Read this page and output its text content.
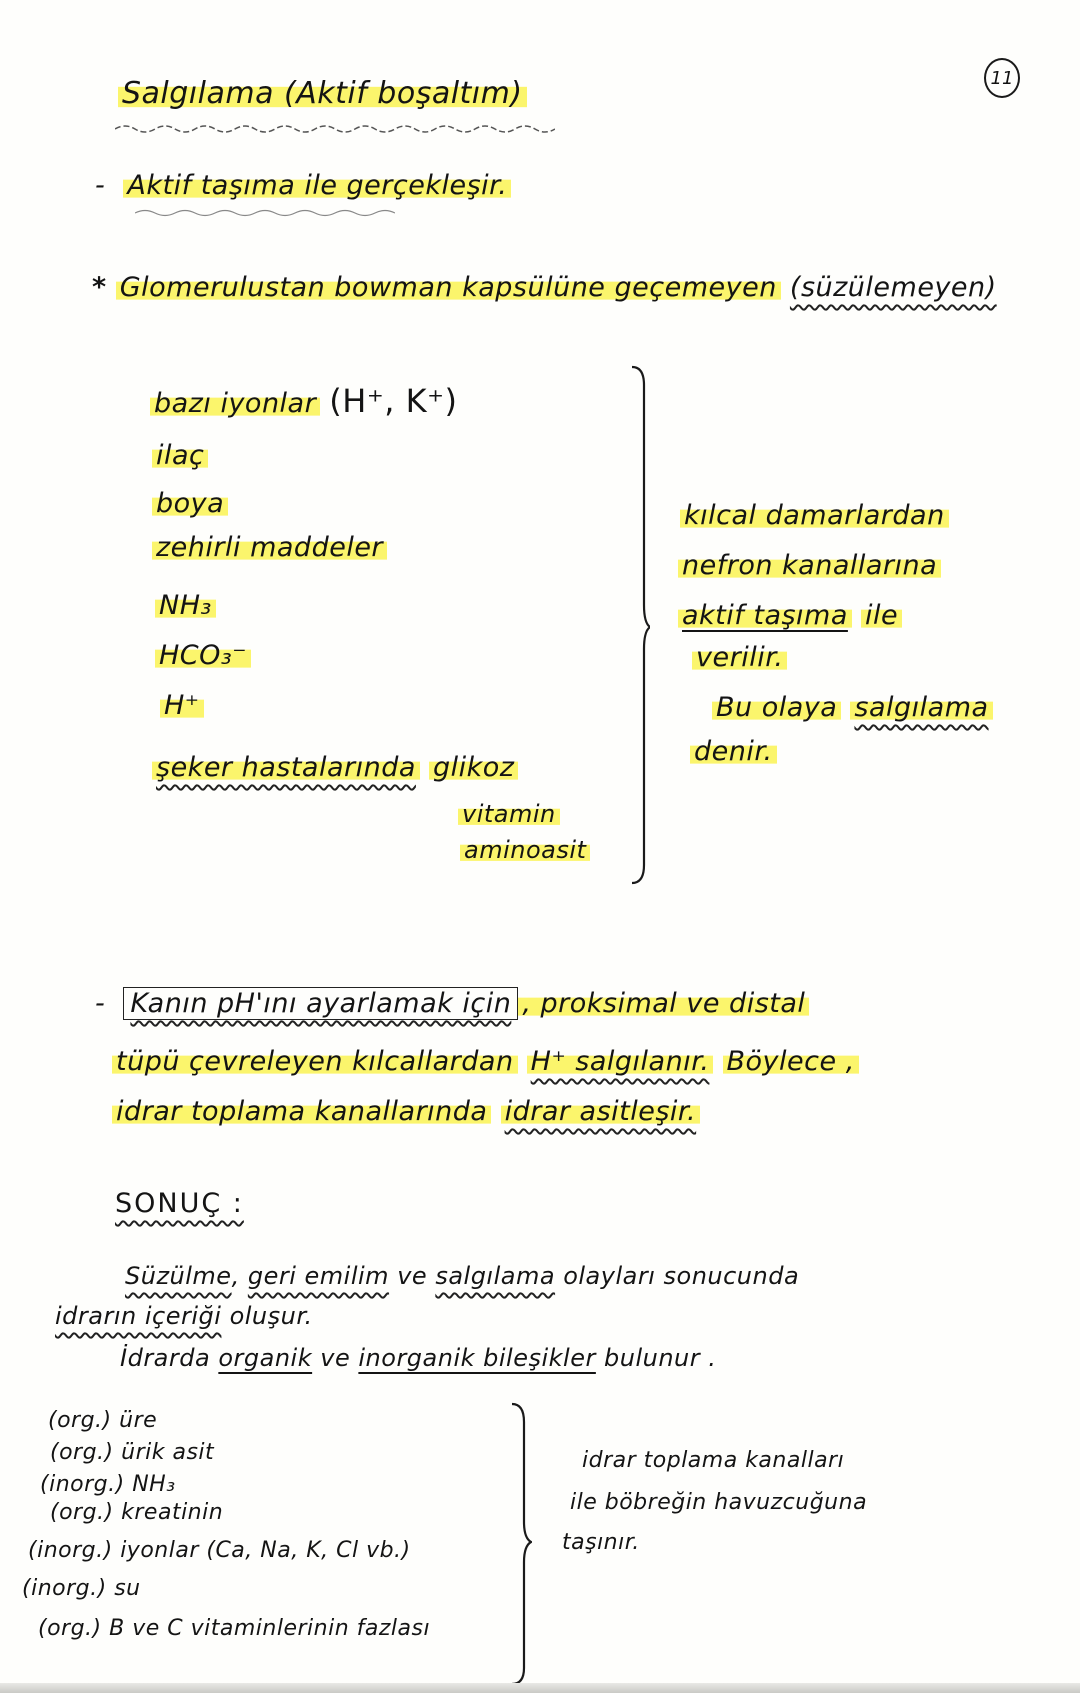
11
Salgılama (Aktif boşaltım)
- Aktif taşıma ile gerçekleşir.
* Glomerulustan bowman kapsülüne geçemeyen (süzülemeyen)
bazı iyonlar (H⁺, K⁺)
ilaç
boya
zehirli maddeler
NH₃
HCO₃⁻
H⁺
şeker hastalarında glikoz
vitamin
aminoasit
kılcal damarlardan
nefron kanallarına
aktif taşıma ile
verilir.
Bu olaya salgılama
denir.
- Kanın pH'ını ayarlamak için , proksimal ve distal
tüpü çevreleyen kılcallardan H⁺ salgılanır. Böylece ,
idrar toplama kanallarında idrar asitleşir.
SONUÇ :
Süzülme, geri emilim ve salgılama olayları sonucunda
idrarın içeriği oluşur.
İdrarda organik ve inorganik bileşikler bulunur .
(org.) üre
(org.) ürik asit
(inorg.) NH₃
(org.) kreatinin
(inorg.) iyonlar (Ca, Na, K, Cl vb.)
(inorg.) su
(org.) B ve C vitaminlerinin fazlası
idrar toplama kanalları
ile böbreğin havuzcuğuna
taşınır.
